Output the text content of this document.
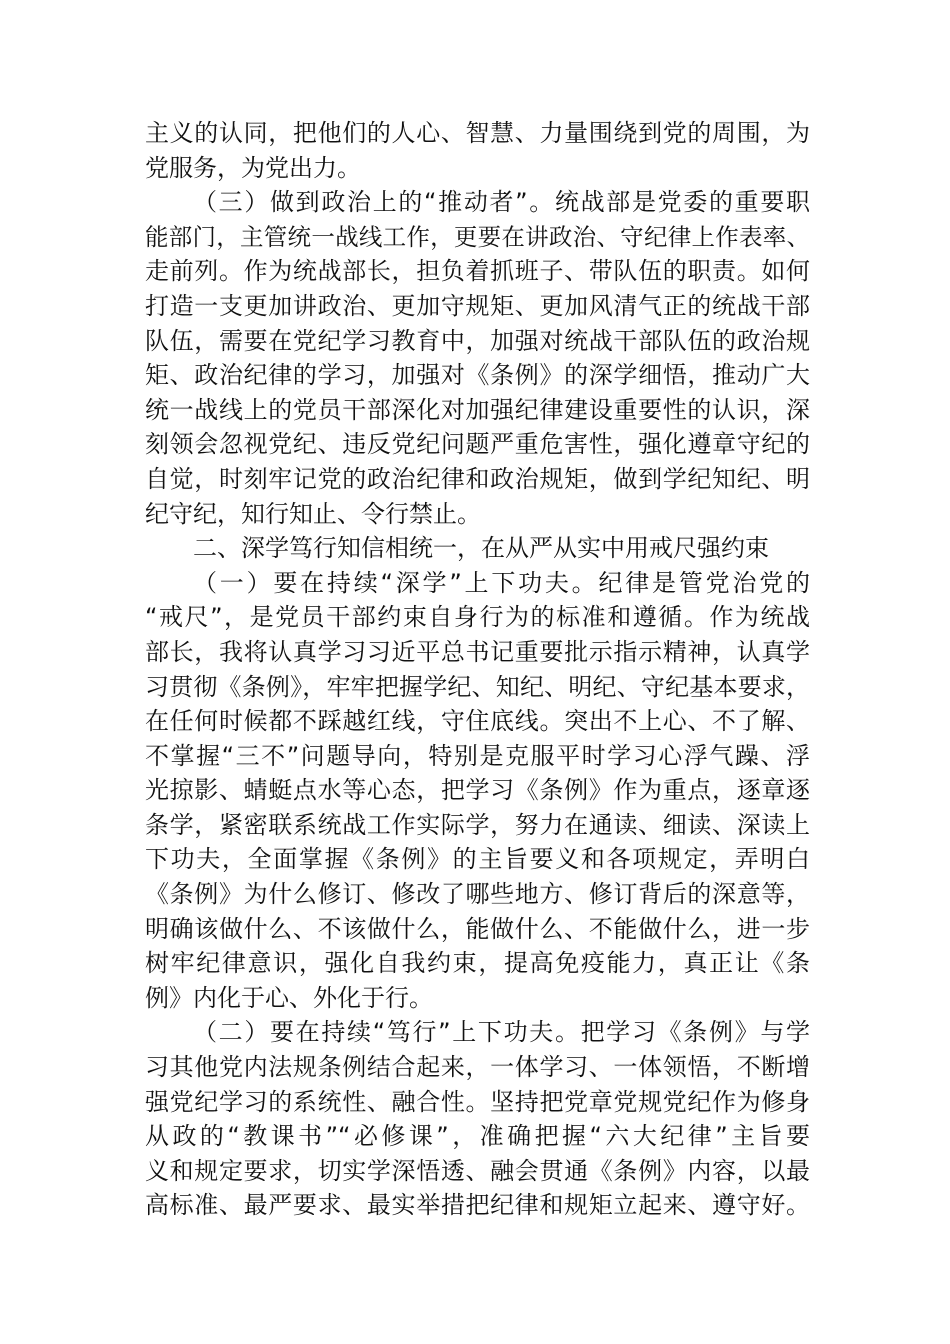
主义的认同，把他们的人心、智慧、力量围绕到党的周围，为
党服务，为党出力。
（三）做到政治上的“推动者”。统战部是党委的重要职
能部门，主管统一战线工作，更要在讲政治、守纪律上作表率、
走前列。作为统战部长，担负着抓班子、带队伍的职责。如何
打造一支更加讲政治、更加守规矩、更加风清气正的统战干部
队伍，需要在党纪学习教育中，加强对统战干部队伍的政治规
矩、政治纪律的学习，加强对《条例》的深学细悟，推动广大
统一战线上的党员干部深化对加强纪律建设重要性的认识，深
刻领会忽视党纪、违反党纪问题严重危害性，强化遵章守纪的
自觉，时刻牢记党的政治纪律和政治规矩，做到学纪知纪、明
纪守纪，知行知止、令行禁止。
二、深学笃行知信相统一，在从严从实中用戒尺强约束
（一）要在持续“深学”上下功夫。纪律是管党治党的
“戒尺”，是党员干部约束自身行为的标准和遵循。作为统战
部长，我将认真学习习近平总书记重要批示指示精神，认真学
习贯彻《条例》，牢牢把握学纪、知纪、明纪、守纪基本要求，
在任何时候都不踩越红线，守住底线。突出不上心、不了解、
不掌握“三不”问题导向，特别是克服平时学习心浮气躁、浮
光掠影、蜻蜓点水等心态，把学习《条例》作为重点，逐章逐
条学，紧密联系统战工作实际学，努力在通读、细读、深读上
下功夫，全面掌握《条例》的主旨要义和各项规定，弄明白
《条例》为什么修订、修改了哪些地方、修订背后的深意等，
明确该做什么、不该做什么，能做什么、不能做什么，进一步
树牢纪律意识，强化自我约束，提高免疫能力，真正让《条
例》内化于心、外化于行。
（二）要在持续“笃行”上下功夫。把学习《条例》与学
习其他党内法规条例结合起来，一体学习、一体领悟，不断增
强党纪学习的系统性、融合性。坚持把党章党规党纪作为修身
从政的“教课书”“必修课”，准确把握“六大纪律”主旨要
义和规定要求，切实学深悟透、融会贯通《条例》内容，以最
高标准、最严要求、最实举措把纪律和规矩立起来、遵守好。
